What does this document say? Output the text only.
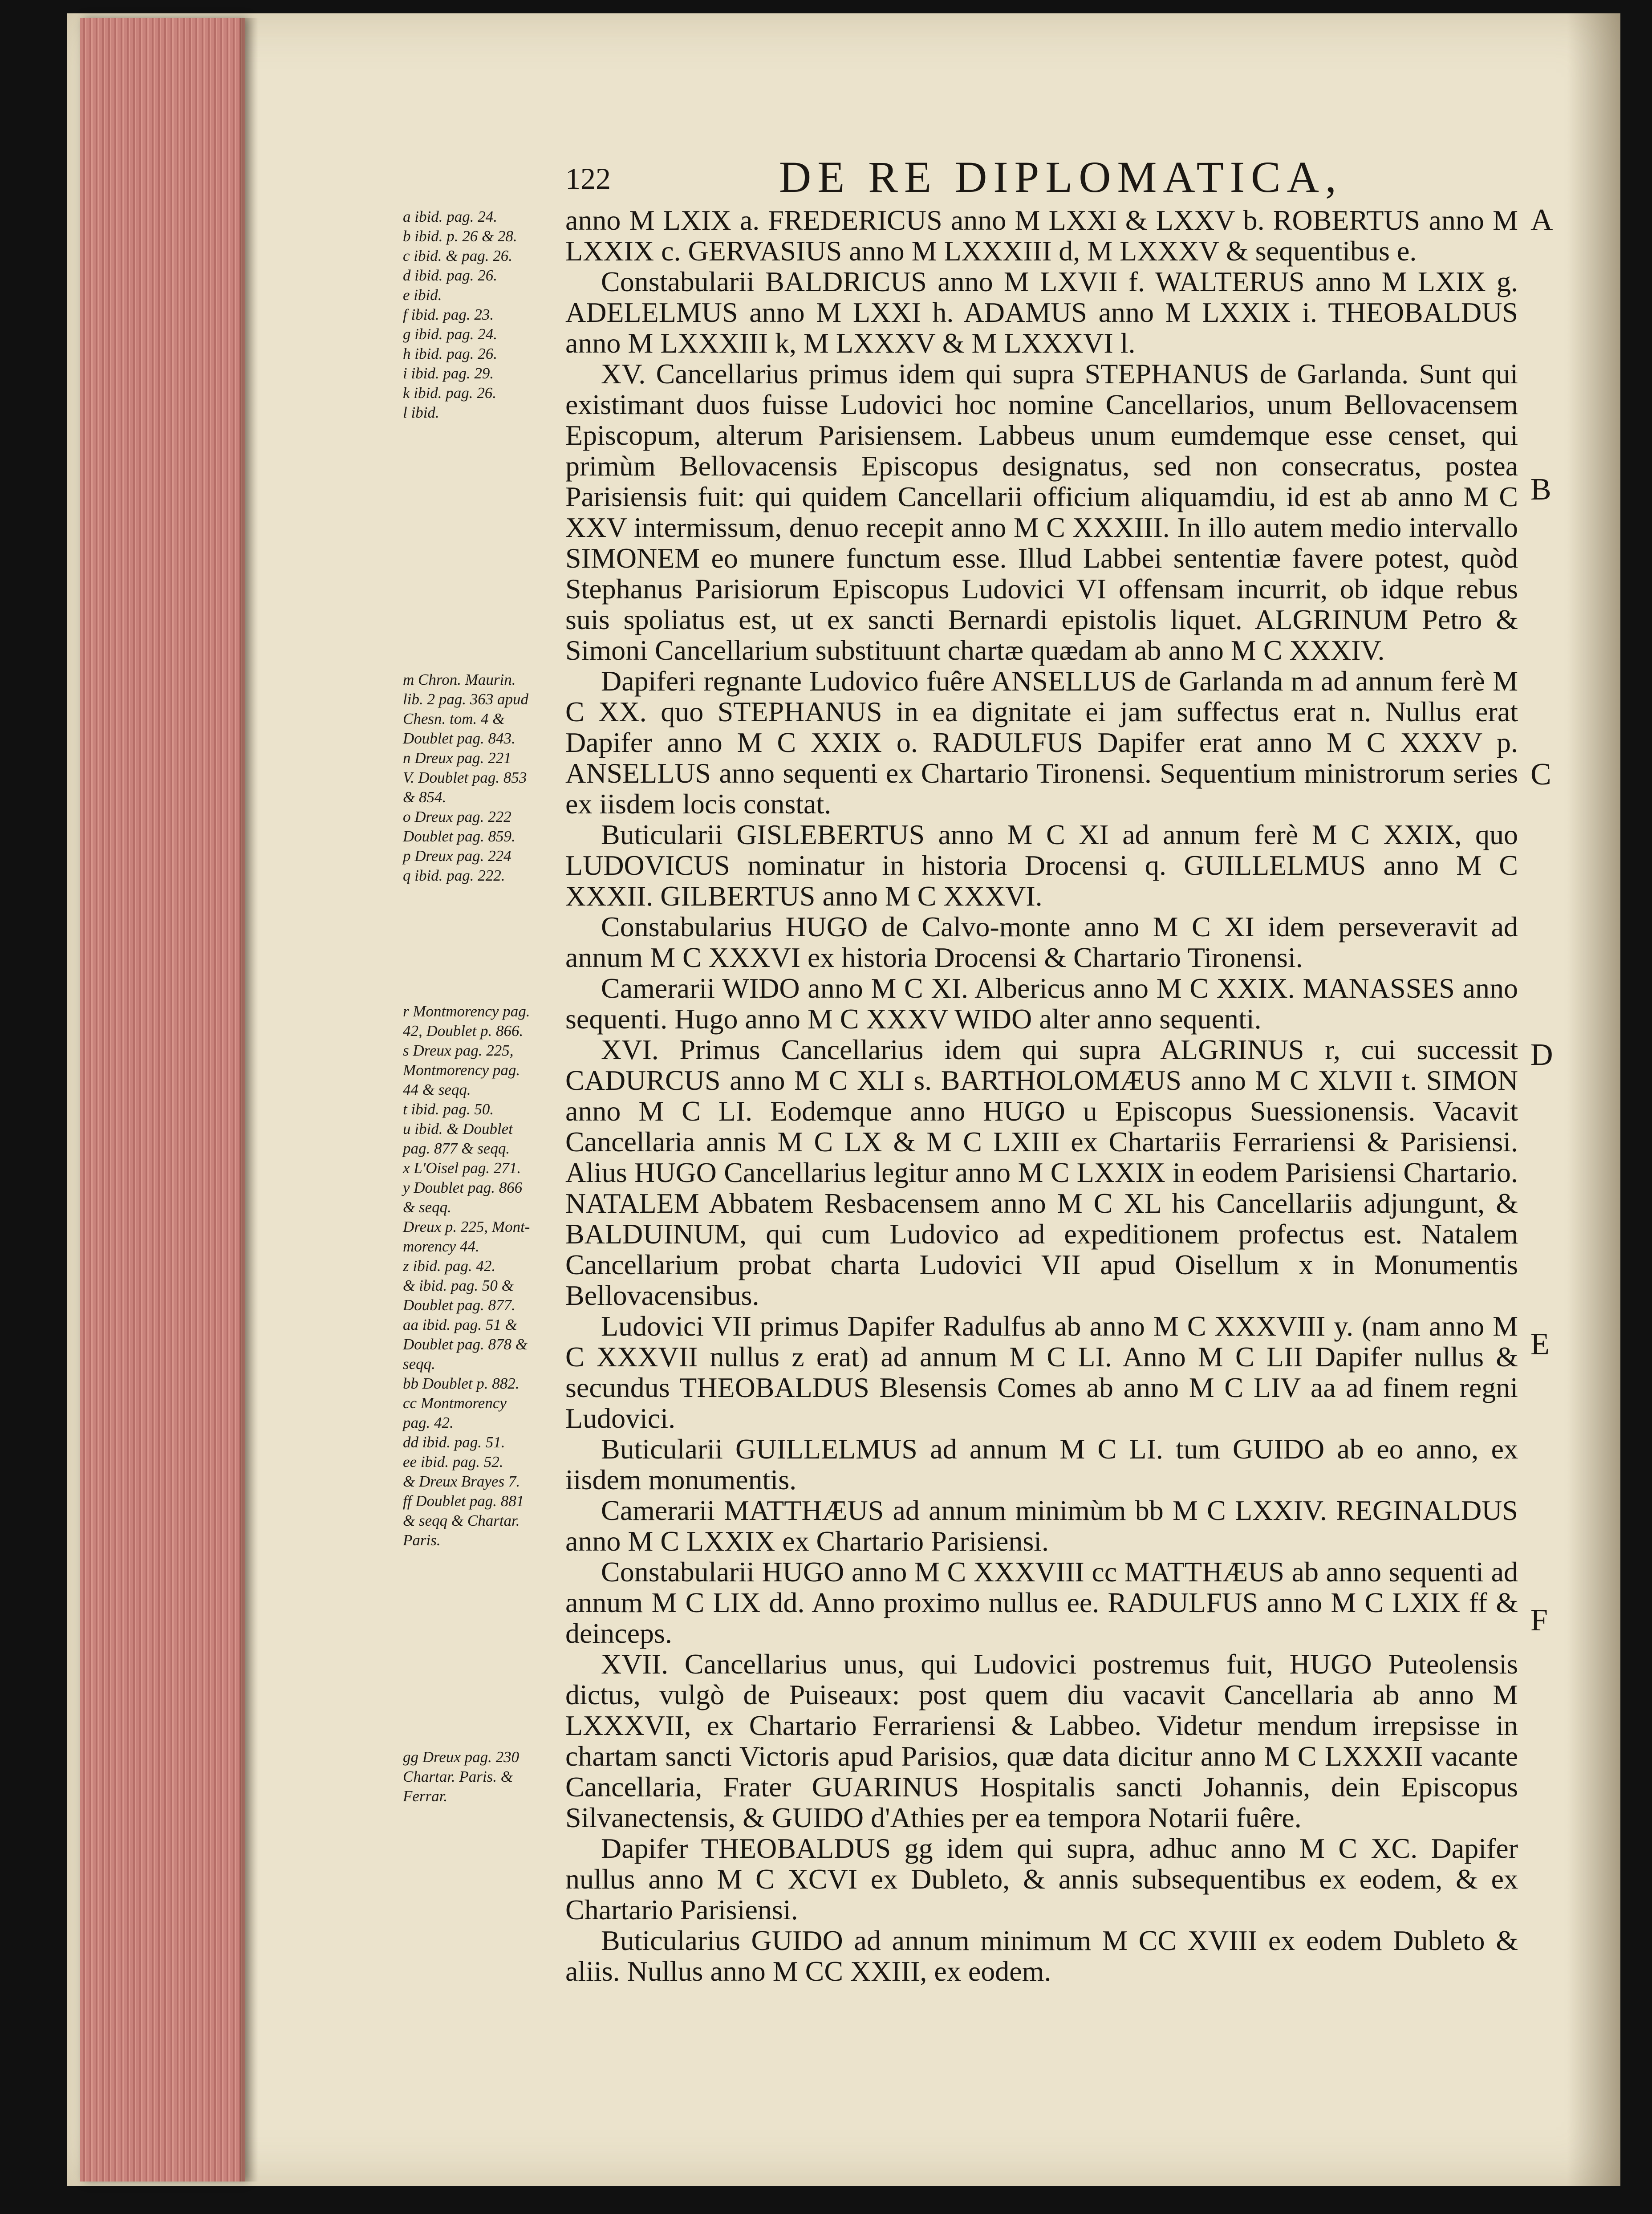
122	DE RE DIPLOMATICA,

a ibid. pag. 24.
b ibid. p. 26 & 28.
c ibid. & pag. 26.
d ibid. pag. 26.
e ibid.
f ibid. pag. 23.
g ibid. pag. 24.
h ibid. pag. 26.
i ibid. pag. 29.
k ibid. pag. 26.
l ibid.

m Chron. Maurin.
lib. 2 pag. 363 apud
Chesn. tom. 4 &
Doublet pag. 843.
n Dreux pag. 221
V. Doublet pag. 853
& 854.
o Dreux pag. 222
Doublet pag. 859.
p Dreux pag. 224
q ibid. pag. 222.

r Montmorency pag.
42, Doublet p. 866.
s Dreux pag. 225,
Montmorency pag.
44 & seqq.
t ibid. pag. 50.
u ibid. & Doublet
pag. 877 & seqq.
x L'Oisel pag. 271.
y Doublet pag. 866
& seqq.
Dreux p. 225, Mont-
morency 44.
z ibid. pag. 42.
& ibid. pag. 50 &
Doublet pag. 877.
aa ibid. pag. 51 &
Doublet pag. 878 &
seqq.
bb Doublet p. 882.
cc Montmorency
pag. 42.
dd ibid. pag. 51.
ee ibid. pag. 52.
& Dreux Brayes 7.
ff Doublet pag. 881
& seqq & Chartar.
Paris.

gg Dreux pag. 230
Chartar. Paris. &
Ferrar.

anno M LXIX a. FREDERICUS anno M LXXI & LXXV b. ROBERTUS anno M LXXIX c. GERVASIUS anno M LXXXIII d, M LXXXV & sequentibus e.

Constabularii BALDRICUS anno M LXVII f. WALTERUS anno M LXIX g. ADELELMUS anno M LXXI h. ADAMUS anno M LXXIX i. THEOBALDUS anno M LXXXIII k, M LXXXV & M LXXXVI l.

XV. Cancellarius primus idem qui supra STEPHANUS de Garlanda. Sunt qui existimant duos fuisse Ludovici hoc nomine Cancellarios, unum Bellovacensem Episcopum, alterum Parisiensem. Labbeus unum eumdemque esse censet, qui primùm Bellovacensis Episcopus designatus, sed non consecratus, postea Parisiensis fuit: qui quidem Cancellarii officium aliquamdiu, id est ab anno M C XXV intermissum, denuo recepit anno M C XXXIII. In illo autem medio intervallo SIMONEM eo munere functum esse. Illud Labbei sententiæ favere potest, quòd Stephanus Parisiorum Episcopus Ludovici VI offensam incurrit, ob idque rebus suis spoliatus est, ut ex sancti Bernardi epistolis liquet. ALGRINUM Petro & Simoni Cancellarium substituunt chartæ quædam ab anno M C XXXIV.

Dapiferi regnante Ludovico fuêre ANSELLUS de Garlanda m ad annum ferè M C XX. quo STEPHANUS in ea dignitate ei jam suffectus erat n. Nullus erat Dapifer anno M C XXIX o. RADULFUS Dapifer erat anno M C XXXV p. ANSELLUS anno sequenti ex Chartario Tironensi. Sequentium ministrorum series ex iisdem locis constat.

Buticularii GISLEBERTUS anno M C XI ad annum ferè M C XXIX, quo LUDOVICUS nominatur in historia Drocensi q. GUILLELMUS anno M C XXXII. GILBERTUS anno M C XXXVI.

Constabularius HUGO de Calvo-monte anno M C XI idem perseveravit ad annum M C XXXVI ex historia Drocensi & Chartario Tironensi.

Camerarii WIDO anno M C XI. Albericus anno M C XXIX. MANASSES anno sequenti. Hugo anno M C XXXV WIDO alter anno sequenti.

XVI. Primus Cancellarius idem qui supra ALGRINUS r, cui successit CADURCUS anno M C XLI s. BARTHOLOMÆUS anno M C XLVII t. SIMON anno M C LI. Eodemque anno HUGO u Episcopus Suessionensis. Vacavit Cancellaria annis M C LX & M C LXIII ex Chartariis Ferrariensi & Parisiensi. Alius HUGO Cancellarius legitur anno M C LXXIX in eodem Parisiensi Chartario. NATALEM Abbatem Resbacensem anno M C XL his Cancellariis adjungunt, & BALDUINUM, qui cum Ludovico ad expeditionem profectus est. Natalem Cancellarium probat charta Ludovici VII apud Oisellum x in Monumentis Bellovacensibus.

Ludovici VII primus Dapifer Radulfus ab anno M C XXXVIII y. (nam anno M C XXXVII nullus z erat) ad annum M C LI. Anno M C LII Dapifer nullus & secundus THEOBALDUS Blesensis Comes ab anno M C LIV aa ad finem regni Ludovici.

Buticularii GUILLELMUS ad annum M C LI. tum GUIDO ab eo anno, ex iisdem monumentis.

Camerarii MATTHÆUS ad annum minimùm bb M C LXXIV. REGINALDUS anno M C LXXIX ex Chartario Parisiensi.

Constabularii HUGO anno M C XXXVIII cc MATTHÆUS ab anno sequenti ad annum M C LIX dd. Anno proximo nullus ee. RADULFUS anno M C LXIX ff & deinceps.

XVII. Cancellarius unus, qui Ludovici postremus fuit, HUGO Puteolensis dictus, vulgò de Puiseaux: post quem diu vacavit Cancellaria ab anno M LXXXVII, ex Chartario Ferrariensi & Labbeo. Videtur mendum irrepsisse in chartam sancti Victoris apud Parisios, quæ data dicitur anno M C LXXXII vacante Cancellaria, Frater GUARINUS Hospitalis sancti Johannis, dein Episcopus Silvanectensis, & GUIDO d'Athies per ea tempora Notarii fuêre.

Dapifer THEOBALDUS gg idem qui supra, adhuc anno M C XC. Dapifer nullus anno M C XCVI ex Dubleto, & annis subsequentibus ex eodem, & ex Chartario Parisiensi.

Buticularius GUIDO ad annum minimum M CC XVIII ex eodem Dubleto & aliis. Nullus anno M CC XXIII, ex eodem.

A
B
C
D
E
F
